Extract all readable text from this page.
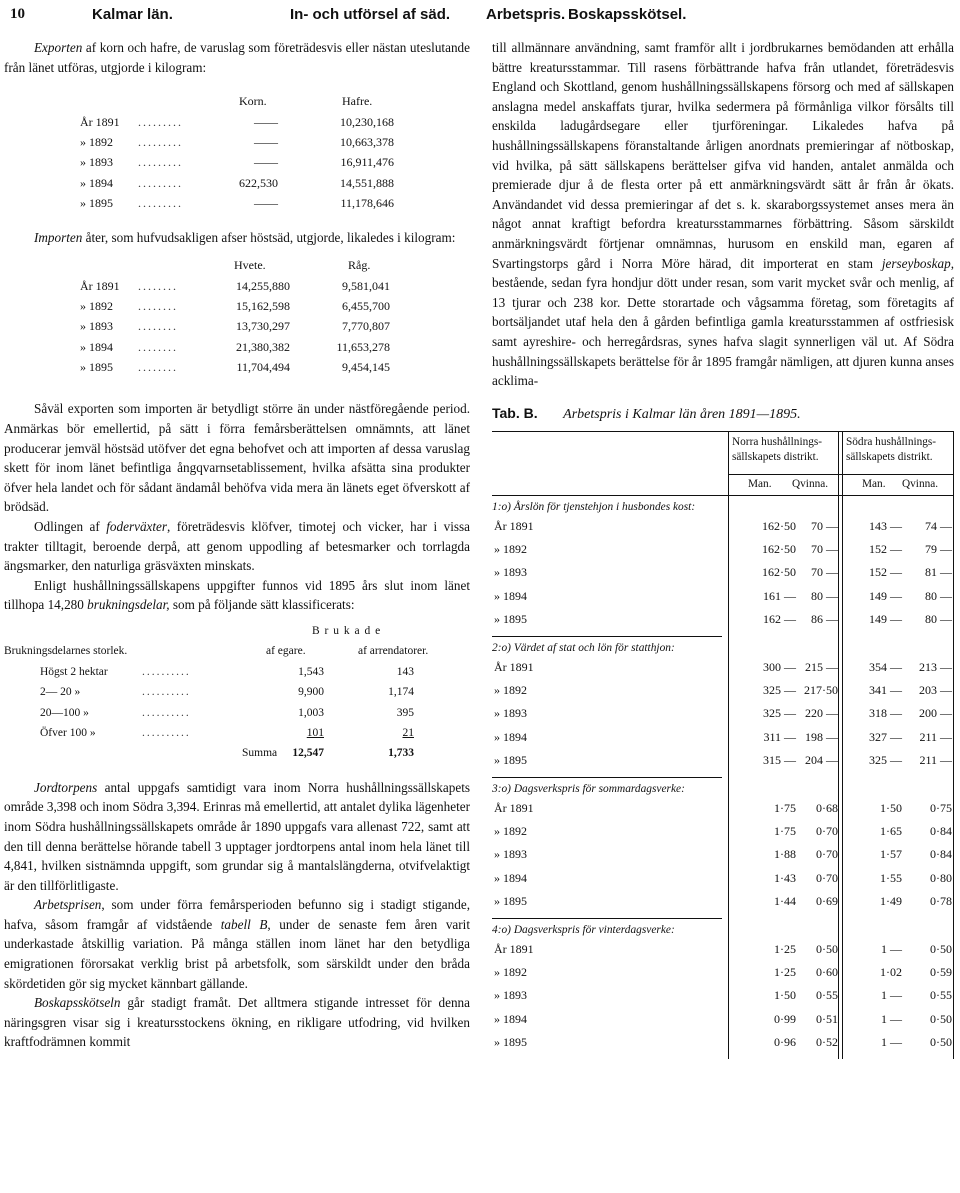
10	Kalmar län.	In- och utförsel af säd. Arbetspris. Boskapsskötsel.

Exporten af korn och hafre, de varuslag som företrädesvis eller nästan uteslutande från länet utföras, utgjorde i kilogram:

Korn.	Hafre.
År 1891 .........	——	10,230,168
» 1892 .........	——	10,663,378
» 1893 .........	——	16,911,476
» 1894 .........	622,530	14,551,888
» 1895 .........	——	11,178,646

Importen åter, som hufvudsakligen afser höstsäd, utgjorde, likaledes i kilogram:

Hvete.	Råg.
År 1891 ........	14,255,880	9,581,041
» 1892 ........	15,162,598	6,455,700
» 1893 ........	13,730,297	7,770,807
» 1894 ........	21,380,382	11,653,278
» 1895 ........	11,704,494	9,454,145

Såväl exporten som importen är betydligt större än under nästföregående period. Anmärkas bör emellertid, på sätt i förra femårsberättelsen omnämnts, att länet producerar jemväl höstsäd utöfver det egna behofvet och att importen af dessa varuslag skett för inom länet befintliga ångqvarnsetablissement, hvilka afsätta sina produkter öfver hela landet och för sådant ändamål behöfva vida mera än länets eget öfverskott af brödsäd.

Odlingen af foderväxter, företrädesvis klöfver, timotej och vicker, har i vissa trakter tilltagit, beroende derpå, att genom uppodling af betesmarker och torrlagda ängsmarker, den naturliga gräsväxten minskats.

Enligt hushållningssällskapens uppgifter funnos vid 1895 års slut inom länet tillhopa 14,280 brukningsdelar, som på följande sätt klassificerats:

B r u k a d e
Brukningsdelarnes storlek.	af egare.	af arrendatorer.
Högst 2 hektar	..........	1,543	143
2— 20 »	..........	9,900	1,174
20—100 »	..........	1,003	395
Öfver 100 »	..........	101	21
Summa	12,547	1,733

Jordtorpens antal uppgafs samtidigt vara inom Norra hushållningssällskapets område 3,398 och inom Södra 3,394. Erinras må emellertid, att antalet dylika lägenheter inom Södra hushållningssällskapets område år 1890 uppgafs vara allenast 722, samt att den till denna berättelse hörande tabell 3 upptager jordtorpens antal inom hela länet till 4,841, hvilken sistnämnda uppgift, som grundar sig å mantalslängderna, otvifvelaktigt är den tillförlitligaste.

Arbetsprisen, som under förra femårsperioden befunno sig i stadigt stigande, hafva, såsom framgår af vidstående tabell B, under de senaste fem åren varit underkastade åtskillig variation. På många ställen inom länet har den betydliga emigrationen förorsakat verklig brist på arbetsfolk, som särskildt under den bråda skördetiden gör sig mycket kännbart gällande.

Boskapsskötseln går stadigt framåt. Det alltmera stigande intresset för denna näringsgren visar sig i kreatursstockens ökning, en rikligare utfodring, vid hvilken kraftfodrämnen kommit

till allmännare användning, samt framför allt i jordbrukarnes bemödanden att erhålla bättre kreatursstammar. Till rasens förbättrande hafva från utlandet, företrädesvis England och Skottland, genom hushållningssällskapens försorg och med af sällskapen anslagna medel anskaffats tjurar, hvilka sedermera på förmånliga vilkor försålts till enskilda ladugårdsegare eller tjurföreningar. Likaledes hafva på hushållningssällskapens föranstaltande årligen anordnats premieringar af nötboskap, vid hvilka, på sätt sällskapens berättelser gifva vid handen, antalet anmälda och premierade djur å de flesta orter på ett anmärkningsvärdt sätt år från år ökats. Användandet vid dessa premieringar af det s. k. skaraborgssystemet anses mera än något annat kraftigt befordra kreatursstammarnes förbättring. Såsom särskildt anmärkningsvärdt förtjenar omnämnas, hurusom en enskild man, egaren af Svartingstorps gård i Norra Möre härad, dit importerat en stam jerseyboskap, bestående, sedan fyra hondjur dött under resan, som varit mycket svår och menlig, af 13 tjurar och 238 kor. Dette storartade och vågsamma företag, som företagits af bortsäljandet utaf hela den å gården befintliga gamla kreatursstammen af ostfriesisk samt ayreshire- och herregårdsras, synes hafva slagit synnerligen väl ut. Af Södra hushållningssällskapets berättelse för år 1895 framgår nämligen, att djuren kunna anses acklima-

Tab. B. Arbetspris i Kalmar län åren 1891—1895.
Norra hushållnings-sällskapets distrikt.
Södra hushållnings-sällskapets distrikt.
Man. Qvinna.	Man. Qvinna.
1:o) Årslön för tjenstehjon i husbondes kost:
År 1891	162·50	70 —	143 —	74 —
» 1892	162·50	70 —	152 —	79 —
» 1893	162·50	70 —	152 —	81 —
» 1894	161 —	80 —	149 —	80 —
» 1895	162 —	86 —	149 —	80 —
2:o) Värdet af stat och lön för statthjon:
År 1891	300 — 215 —	354 —	213 —
» 1892	325 — 217·50	341 —	203 —
» 1893	325 — 220 —	318 —	200 —
» 1894	311 — 198 —	327 —	211 —
» 1895	315 — 204 —	325 —	211 —
3:o) Dagsverkspris för sommardagsverke:
År 1891	1·75	0·68	1·50	0·75
» 1892	1·75	0·70	1·65	0·84
» 1893	1·88	0·70	1·57	0·84
» 1894	1·43	0·70	1·55	0·80
» 1895	1·44	0·69	1·49	0·78
4:o) Dagsverkspris för vinterdagsverke:
År 1891	1·25	0·50	1 —	0·50
» 1892	1·25	0·60	1·02	0·59
» 1893	1·50	0·55	1 —	0·55
» 1894	0·99	0·51	1 —	0·50
» 1895	0·96	0·52	1 —	0·50
